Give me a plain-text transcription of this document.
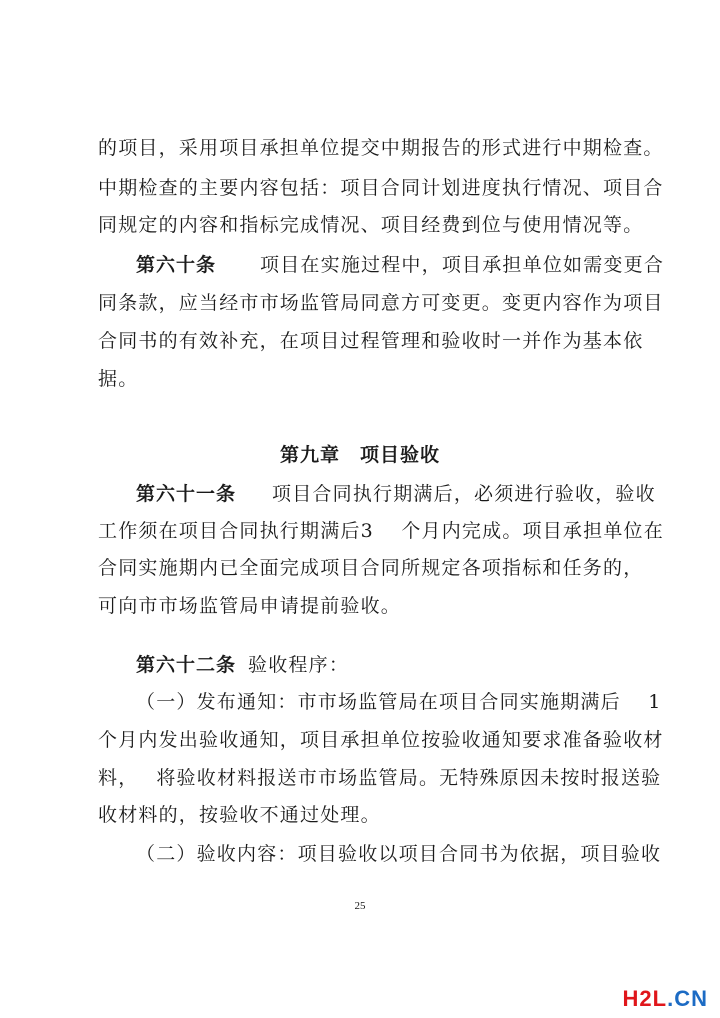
的项目，采用项目承担单位提交中期报告的形式进行中期检查。
中期检查的主要内容包括：项目合同计划进度执行情况、项目合
同规定的内容和指标完成情况、项目经费到位与使用情况等。
第六十条 项目在实施过程中，项目承担单位如需变更合
同条款，应当经市市场监管局同意方可变更。变更内容作为项目
合同书的有效补充，在项目过程管理和验收时一并作为基本依
据。
第九章　项目验收
第六十一条 项目合同执行期满后，必须进行验收，验收
工作须在项目合同执行期满后3　 个月内完成。项目承担单位在
合同实施期内已全面完成项目合同所规定各项指标和任务的，
可向市市场监管局申请提前验收。
第六十二条 验收程序：
（一）发布通知：市市场监管局在项目合同实施期满后　 1
个月内发出验收通知，项目承担单位按验收通知要求准备验收材
料，　 将验收材料报送市市场监管局。无特殊原因未按时报送验
收材料的，按验收不通过处理。
（二）验收内容：项目验收以项目合同书为依据，项目验收
25
H2L.CN
